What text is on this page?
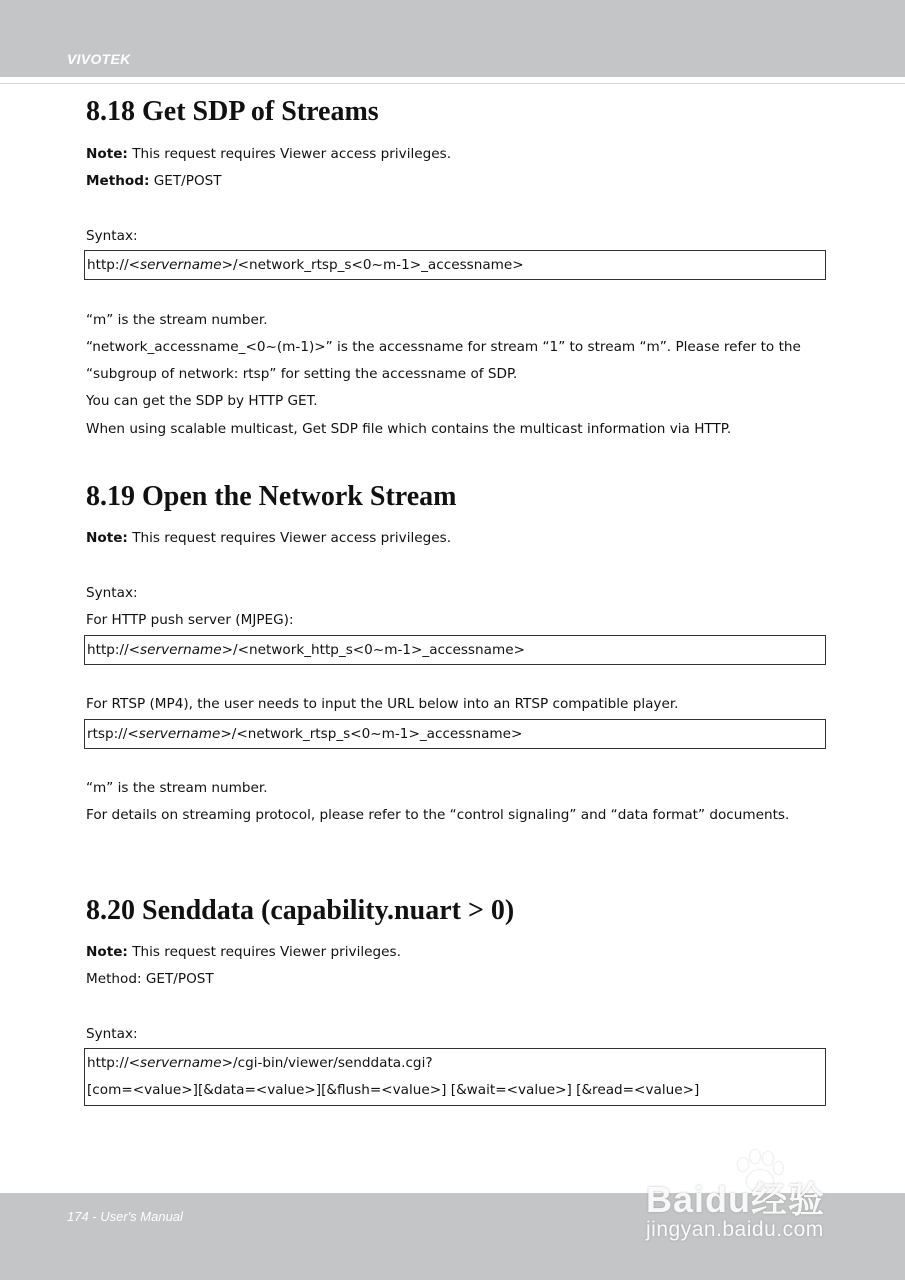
VIVOTEK
8.18 Get SDP of Streams
Note: This request requires Viewer access privileges.
Method: GET/POST
Syntax:
http://<servername>/<network_rtsp_s<0~m-1>_accessname>
“m” is the stream number.
“network_accessname_<0~(m-1)>” is the accessname for stream “1” to stream “m”. Please refer to the
“subgroup of network: rtsp” for setting the accessname of SDP.
You can get the SDP by HTTP GET.
When using scalable multicast, Get SDP file which contains the multicast information via HTTP.
8.19 Open the Network Stream
Note: This request requires Viewer access privileges.
Syntax:
For HTTP push server (MJPEG):
http://<servername>/<network_http_s<0~m-1>_accessname>
For RTSP (MP4), the user needs to input the URL below into an RTSP compatible player.
rtsp://<servername>/<network_rtsp_s<0~m-1>_accessname>
“m” is the stream number.
For details on streaming protocol, please refer to the “control signaling” and “data format” documents.
8.20 Senddata (capability.nuart > 0)
Note: This request requires Viewer privileges.
Method: GET/POST
Syntax:
http://<servername>/cgi-bin/viewer/senddata.cgi?
[com=<value>][&data=<value>][&flush=<value>] [&wait=<value>] [&read=<value>]
174 - User's Manual	Baidu经验
jingyan.baidu.com
